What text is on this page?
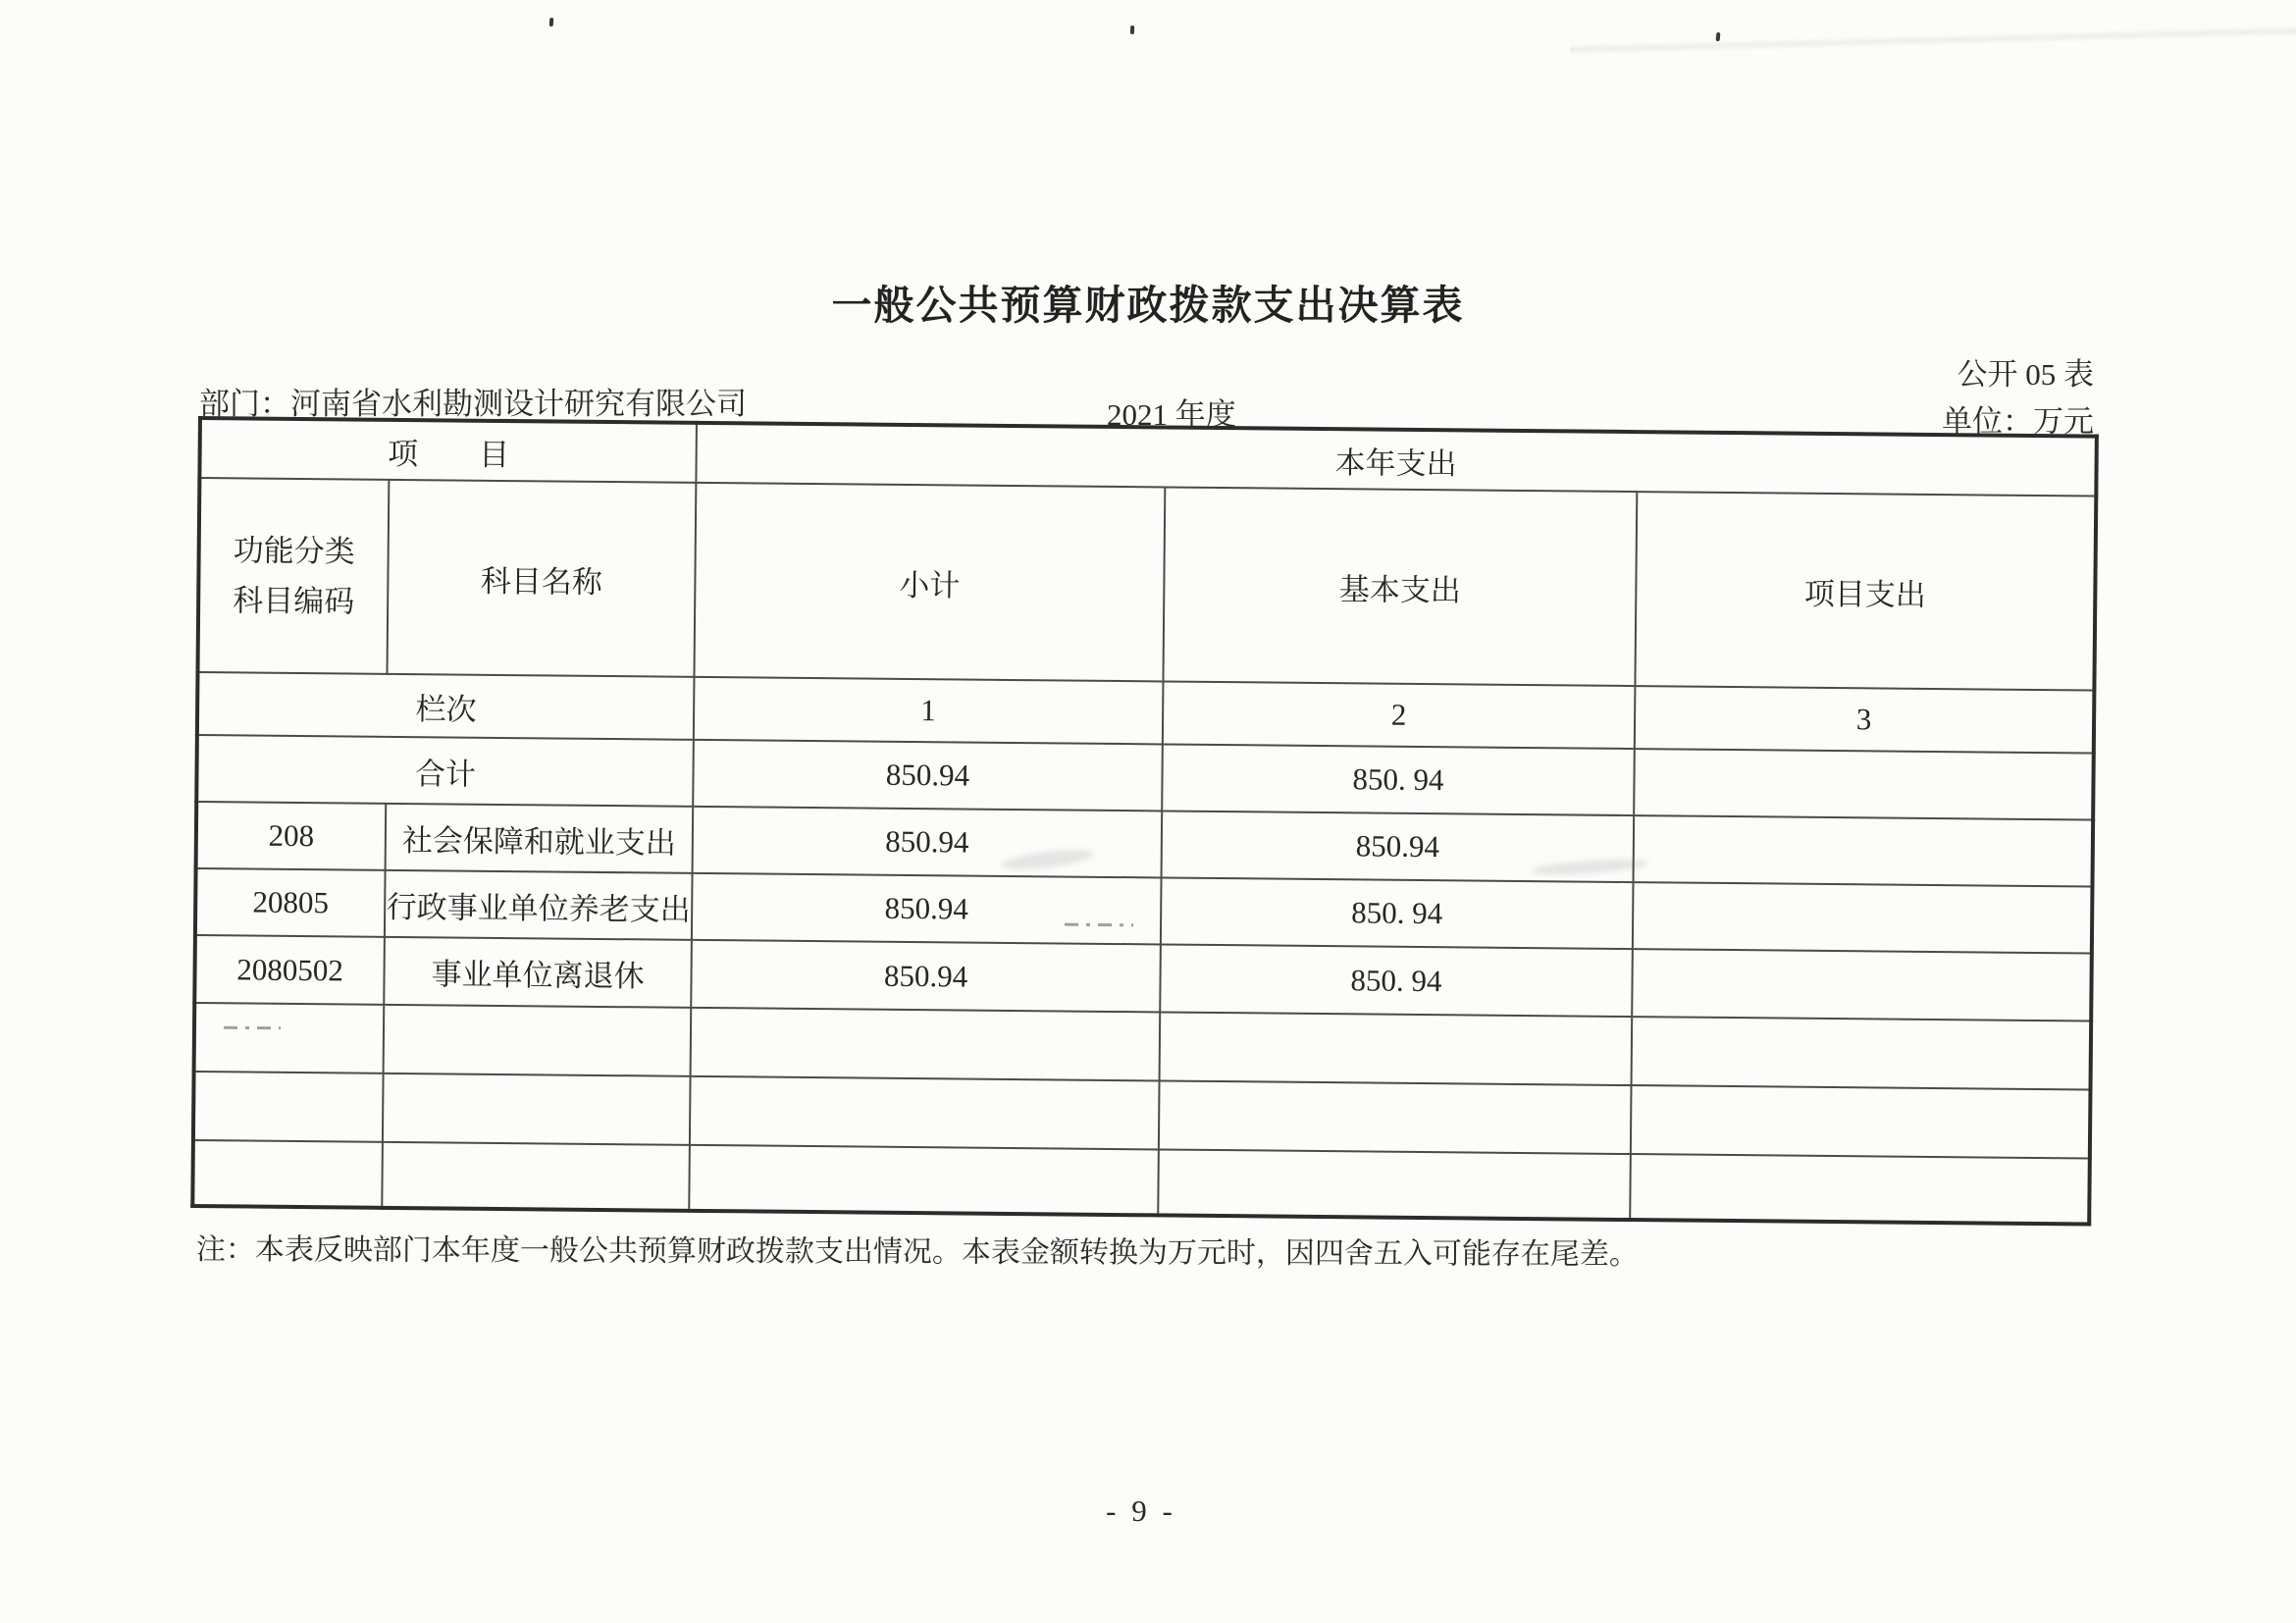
一般公共预算财政拨款支出决算表
公开 05 表
部门：河南省水利勘测设计研究有限公司	2021 年度	单位：万元
项　　目		本年支出		

功能分类
科目编码	科目名称	小计	基本支出	项目支出
栏次		1	2	3
合计		850.94	850. 94	
208	社会保障和就业支出	850.94	850.94	
20805	行政事业单位养老支出	850.94	850. 94	
2080502	事业单位离退休	850.94	850. 94	

注：本表反映部门本年度一般公共预算财政拨款支出情况。本表金额转换为万元时，因四舍五入可能存在尾差。
- 9 -
